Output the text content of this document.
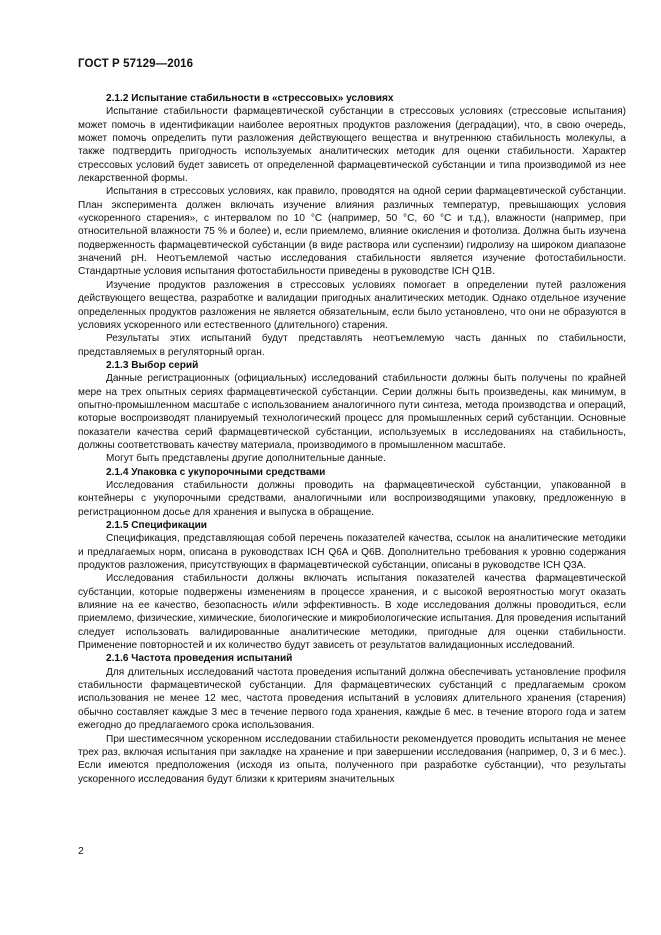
ГОСТ Р 57129—2016
2.1.2 Испытание стабильности в «стрессовых» условиях

Испытание стабильности фармацевтической субстанции в стрессовых условиях (стрессовые испытания) может помочь в идентификации наиболее вероятных продуктов разложения (деградации), что, в свою очередь, может помочь определить пути разложения действующего вещества и внутреннюю стабильность молекулы, а также подтвердить пригодность используемых аналитических методик для оценки стабильности. Характер стрессовых условий будет зависеть от определенной фармацевтической субстанции и типа производимой из нее лекарственной формы.

Испытания в стрессовых условиях, как правило, проводятся на одной серии фармацевтической субстанции. План эксперимента должен включать изучение влияния различных температур, превышающих условия «ускоренного старения», с интервалом по 10 °С (например, 50 °С, 60 °С и т.д.), влажности (например, при относительной влажности 75 % и более) и, если приемлемо, влияние окисления и фотолиза. Должна быть изучена подверженность фармацевтической субстанции (в виде раствора или суспензии) гидролизу на широком диапазоне значений pH. Неотъемлемой частью исследования стабильности является изучение фотостабильности. Стандартные условия испытания фотостабильности приведены в руководстве ICH Q1B.

Изучение продуктов разложения в стрессовых условиях помогает в определении путей разложения действующего вещества, разработке и валидации пригодных аналитических методик. Однако отдельное изучение определенных продуктов разложения не является обязательным, если было установлено, что они не образуются в условиях ускоренного или естественного (длительного) старения.

Результаты этих испытаний будут представлять неотъемлемую часть данных по стабильности, представляемых в регуляторный орган.

2.1.3 Выбор серий

Данные регистрационных (официальных) исследований стабильности должны быть получены по крайней мере на трех опытных сериях фармацевтической субстанции. Серии должны быть произведены, как минимум, в опытно-промышленном масштабе с использованием аналогичного пути синтеза, метода производства и операций, которые воспроизводят планируемый технологический процесс для промышленных серий субстанции. Основные показатели качества серий фармацевтической субстанции, используемых в исследованиях на стабильность, должны соответствовать качеству материала, производимого в промышленном масштабе.

Могут быть представлены другие дополнительные данные.

2.1.4 Упаковка с укупорочными средствами

Исследования стабильности должны проводить на фармацевтической субстанции, упакованной в контейнеры с укупорочными средствами, аналогичными или воспроизводящими упаковку, предложенную в регистрационном досье для хранения и выпуска в обращение.

2.1.5 Спецификации

Спецификация, представляющая собой перечень показателей качества, ссылок на аналитические методики и предлагаемых норм, описана в руководствах ICH Q6A и Q6B. Дополнительно требования к уровню содержания продуктов разложения, присутствующих в фармацевтической субстанции, описаны в руководстве ICH Q3A.

Исследования стабильности должны включать испытания показателей качества фармацевтической субстанции, которые подвержены изменениям в процессе хранения, и с высокой вероятностью могут оказать влияние на ее качество, безопасность и/или эффективность. В ходе исследования должны проводиться, если приемлемо, физические, химические, биологические и микробиологические испытания. Для проведения испытаний следует использовать валидированные аналитические методики, пригодные для оценки стабильности. Применение повторностей и их количество будут зависеть от результатов валидационных исследований.

2.1.6 Частота проведения испытаний

Для длительных исследований частота проведения испытаний должна обеспечивать установление профиля стабильности фармацевтической субстанции. Для фармацевтических субстанций с предлагаемым сроком использования не менее 12 мес, частота проведения испытаний в условиях длительного хранения (старения) обычно составляет каждые 3 мес в течение первого года хранения, каждые 6 мес. в течение второго года и затем ежегодно до предлагаемого срока использования.

При шестимесячном ускоренном исследовании стабильности рекомендуется проводить испытания не менее трех раз, включая испытания при закладке на хранение и при завершении исследования (например, 0, 3 и 6 мес.). Если имеются предположения (исходя из опыта, полученного при разработке субстанции), что результаты ускоренного исследования будут близки к критериям значительных

2
